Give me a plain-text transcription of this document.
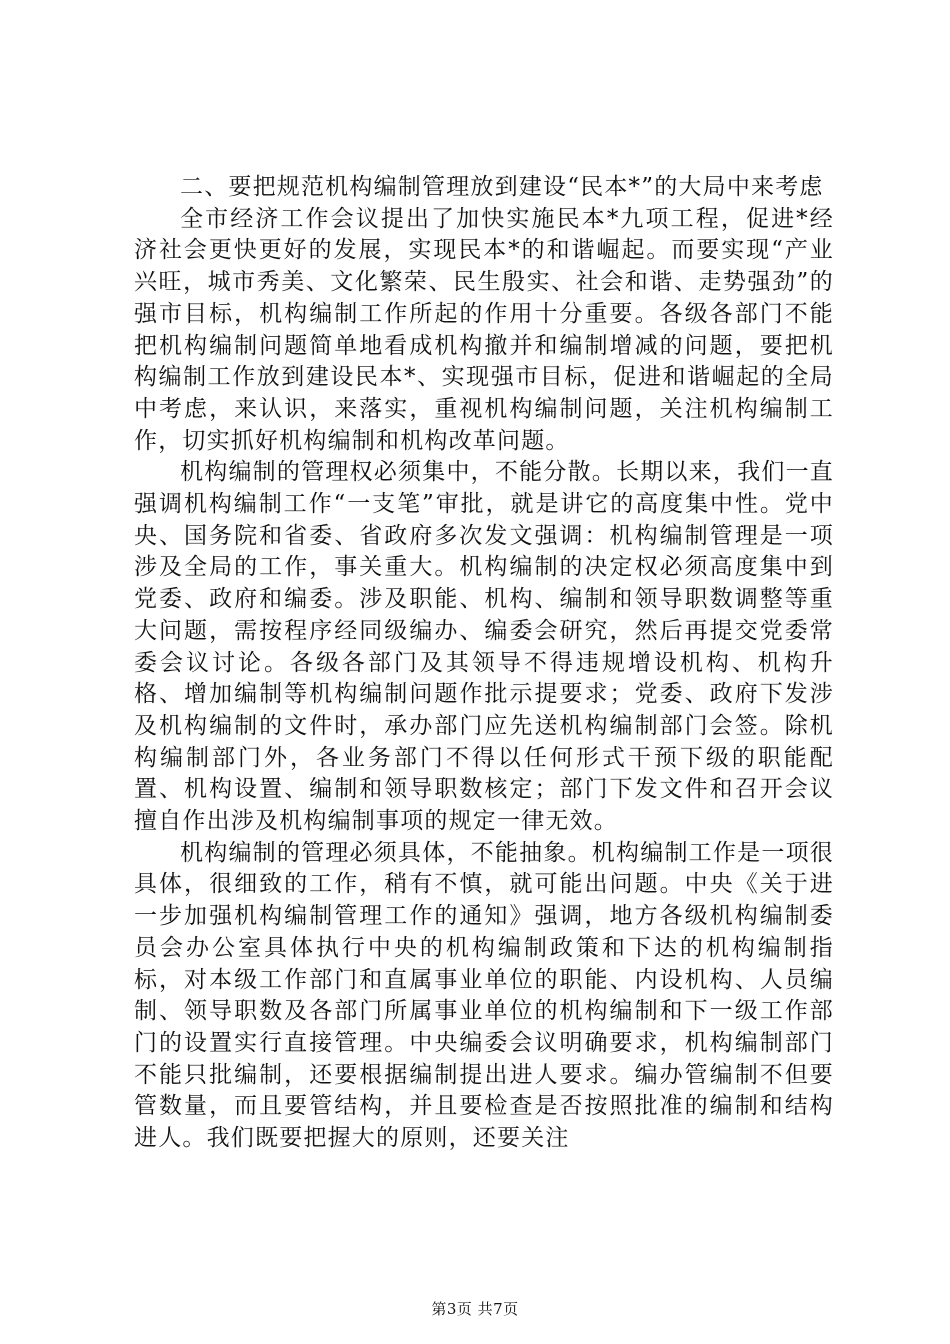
二、要把规范机构编制管理放到建设“民本*”的大局中来考虑

全市经济工作会议提出了加快实施民本*九项工程，促进*经济社会更快更好的发展，实现民本*的和谐崛起。而要实现“产业兴旺，城市秀美、文化繁荣、民生殷实、社会和谐、走势强劲”的强市目标，机构编制工作所起的作用十分重要。各级各部门不能把机构编制问题简单地看成机构撤并和编制增减的问题，要把机构编制工作放到建设民本*、实现强市目标，促进和谐崛起的全局中考虑，来认识，来落实，重视机构编制问题，关注机构编制工作，切实抓好机构编制和机构改革问题。

机构编制的管理权必须集中，不能分散。长期以来，我们一直强调机构编制工作“一支笔”审批，就是讲它的高度集中性。党中央、国务院和省委、省政府多次发文强调：机构编制管理是一项涉及全局的工作，事关重大。机构编制的决定权必须高度集中到党委、政府和编委。涉及职能、机构、编制和领导职数调整等重大问题，需按程序经同级编办、编委会研究，然后再提交党委常委会议讨论。各级各部门及其领导不得违规增设机构、机构升格、增加编制等机构编制问题作批示提要求；党委、政府下发涉及机构编制的文件时，承办部门应先送机构编制部门会签。除机构编制部门外，各业务部门不得以任何形式干预下级的职能配置、机构设置、编制和领导职数核定；部门下发文件和召开会议擅自作出涉及机构编制事项的规定一律无效。

机构编制的管理必须具体，不能抽象。机构编制工作是一项很具体，很细致的工作，稍有不慎，就可能出问题。中央《关于进一步加强机构编制管理工作的通知》强调，地方各级机构编制委员会办公室具体执行中央的机构编制政策和下达的机构编制指标，对本级工作部门和直属事业单位的职能、内设机构、人员编制、领导职数及各部门所属事业单位的机构编制和下一级工作部门的设置实行直接管理。中央编委会议明确要求，机构编制部门不能只批编制，还要根据编制提出进人要求。编办管编制不但要管数量，而且要管结构，并且要检查是否按照批准的编制和结构进人。我们既要把握大的原则，还要关注

第3页 共7页
